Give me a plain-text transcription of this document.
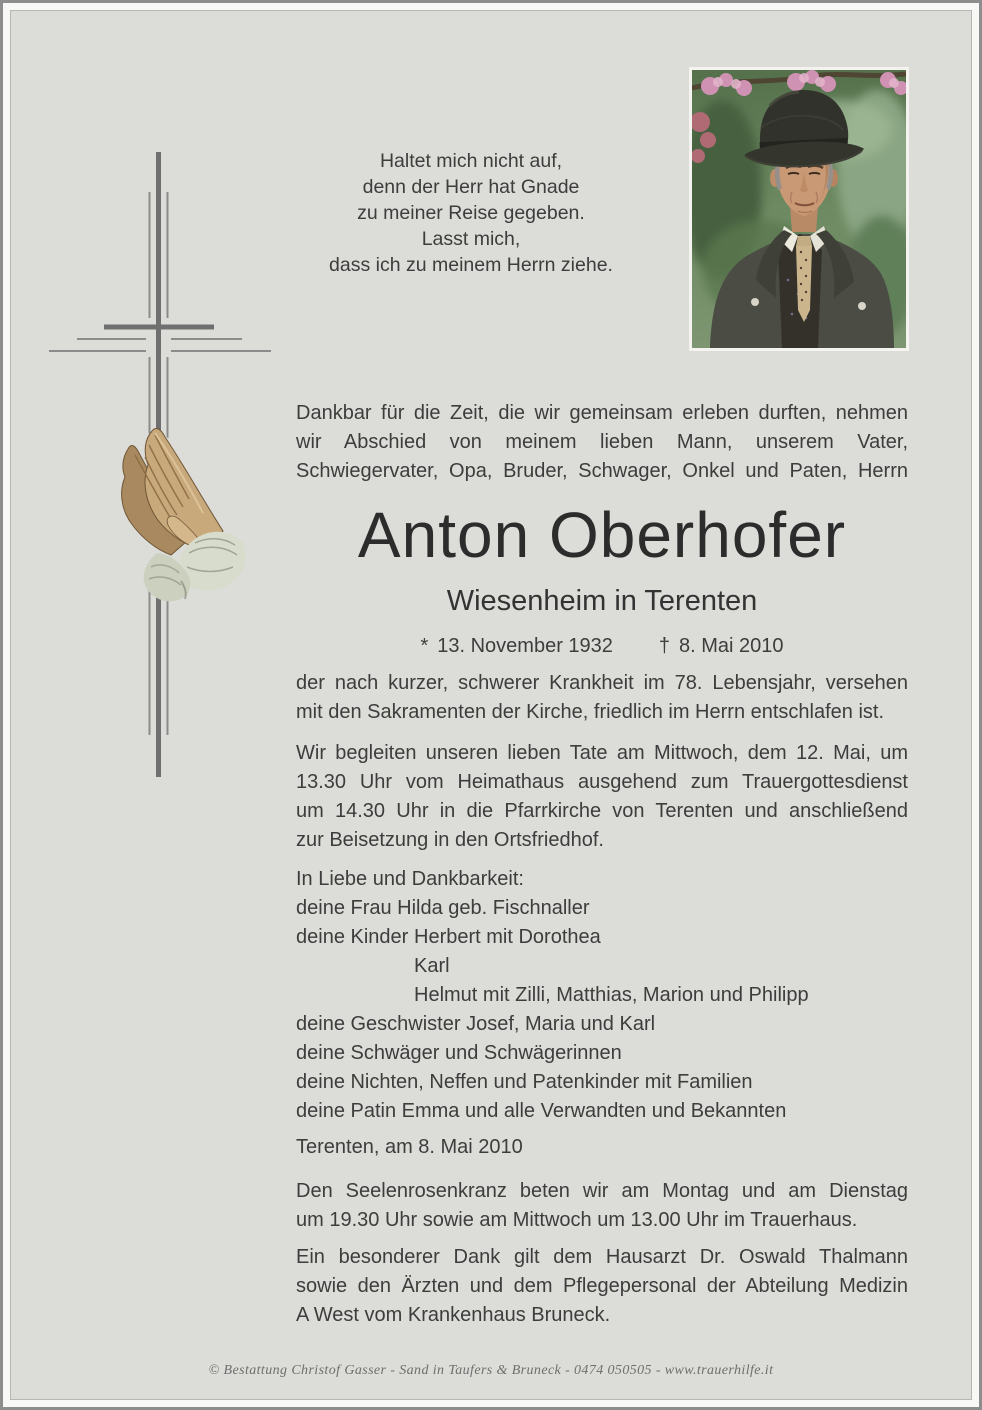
Haltet mich nicht auf,
denn der Herr hat Gnade
zu meiner Reise gegeben.
Lasst mich,
dass ich zu meinem Herrn ziehe.
Dankbar für die Zeit, die wir gemeinsam erleben durften, nehmen
wir Abschied von meinem lieben Mann, unserem Vater,
Schwiegervater, Opa, Bruder, Schwager, Onkel und Paten, Herrn
Anton Oberhofer
Wiesenheim in Terenten
* 13. November 1932 † 8. Mai 2010
der nach kurzer, schwerer Krankheit im 78. Lebensjahr, versehen
mit den Sakramenten der Kirche, friedlich im Herrn entschlafen ist.
Wir begleiten unseren lieben Tate am Mittwoch, dem 12. Mai, um
13.30 Uhr vom Heimathaus ausgehend zum Trauergottesdienst
um 14.30 Uhr in die Pfarrkirche von Terenten und anschließend
zur Beisetzung in den Ortsfriedhof.
In Liebe und Dankbarkeit:
deine Frau Hilda geb. Fischnaller
deine Kinder Herbert mit Dorothea
Karl
Helmut mit Zilli, Matthias, Marion und Philipp
deine Geschwister Josef, Maria und Karl
deine Schwäger und Schwägerinnen
deine Nichten, Neffen und Patenkinder mit Familien
deine Patin Emma und alle Verwandten und Bekannten
Terenten, am 8. Mai 2010
Den Seelenrosenkranz beten wir am Montag und am Dienstag
um 19.30 Uhr sowie am Mittwoch um 13.00 Uhr im Trauerhaus.
Ein besonderer Dank gilt dem Hausarzt Dr. Oswald Thalmann
sowie den Ärzten und dem Pflegepersonal der Abteilung Medizin
A West vom Krankenhaus Bruneck.
© Bestattung Christof Gasser - Sand in Taufers & Bruneck - 0474 050505 - www.trauerhilfe.it
